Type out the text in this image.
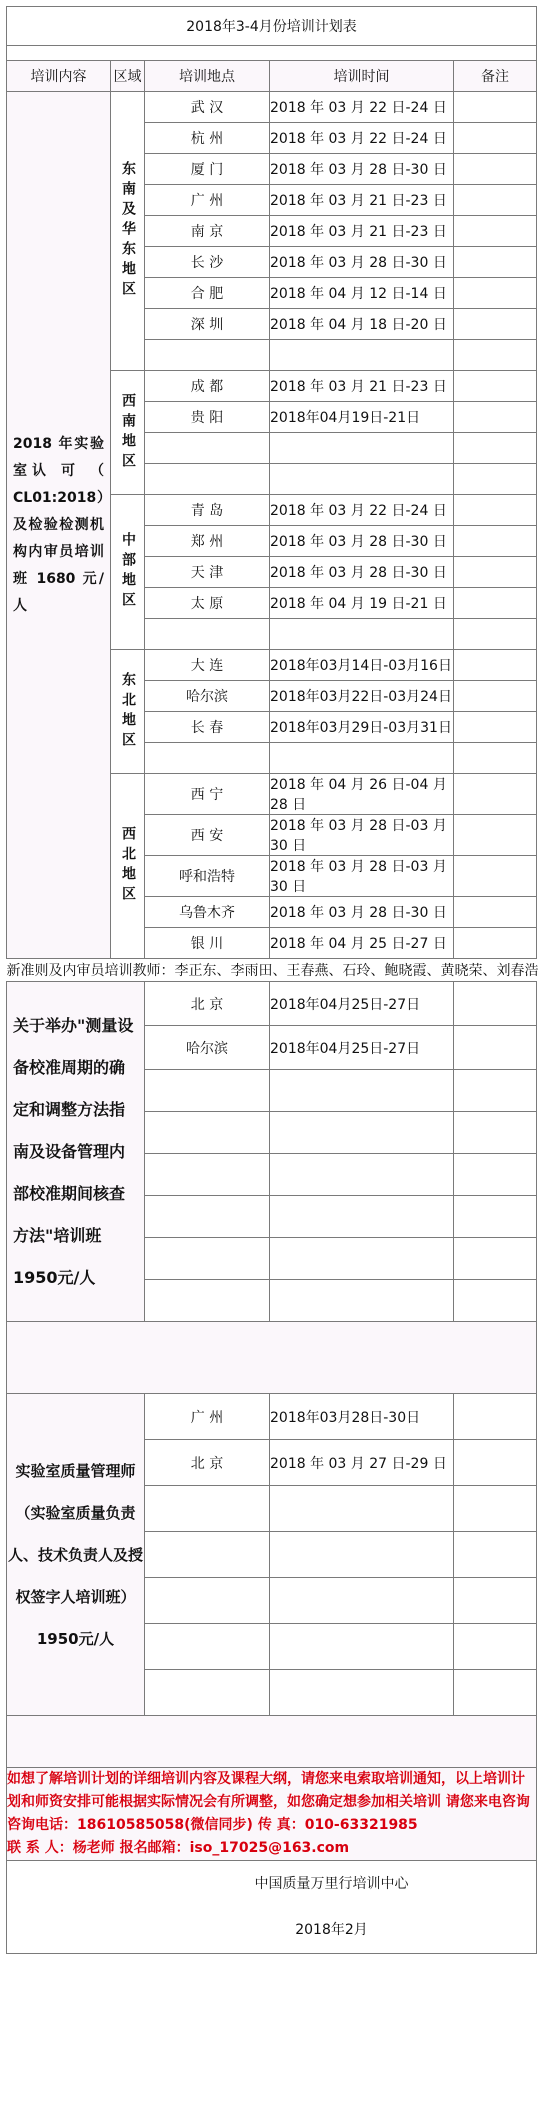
2018年3-4月份培训计划表				

培训内容	区域	培训地点	培训时间	备注

2018 年实验室认 可 （ CL01:2018）及检验检测机构内审员培训班 1680 元/人	东南及华东地区	武 汉	2018 年 03 月 22 日-24 日	
		杭 州	2018 年 03 月 22 日-24 日	
		厦 门	2018 年 03 月 28 日-30 日	
		广 州	2018 年 03 月 21 日-23 日	
		南 京	2018 年 03 月 21 日-23 日	
		长 沙	2018 年 03 月 28 日-30 日	
		合 肥	2018 年 04 月 12 日-14 日	
		深 圳	2018 年 04 月 18 日-20 日	

	西南地区	成 都	2018 年 03 月 21 日-23 日	
		贵 阳	2018年04月19日-21日	

	中部地区	青 岛	2018 年 03 月 22 日-24 日	
		郑 州	2018 年 03 月 28 日-30 日	
		天 津	2018 年 03 月 28 日-30 日	
		太 原	2018 年 04 月 19 日-21 日	

	东北地区	大 连	2018年03月14日-03月16日	
		哈尔滨	2018年03月22日-03月24日	
		长 春	2018年03月29日-03月31日	

	西北地区	西 宁	2018 年 04 月 26 日-04 月 28 日	
		西 安	2018 年 03 月 28 日-03 月 30 日	
		呼和浩特	2018 年 03 月 28 日-03 月 30 日	
		乌鲁木齐	2018 年 03 月 28 日-30 日	
		银 川	2018 年 04 月 25 日-27 日	
新准则及内审员培训教师：李正东、李雨田、王春燕、石玲、鲍晓霞、黄晓荣、刘春浩				

关于举办"测量设备校准周期的确定和调整方法指南及设备管理内部校准期间核查方法"培训班1950元/人		北 京	2018年04月25日-27日	
		哈尔滨	2018年04月25日-27日	

实验室质量管理师
（实验室质量负责
人、技术负责人及授
权签字人培训班）
1950元/人		广 州	2018年03月28日-30日	
		北 京	2018 年 03 月 27 日-29 日	

如想了解培训计划的详细培训内容及课程大纲，请您来电索取培训通知，以上培训计划和师资安排可能根据实际情况会有所调整，如您确定想参加相关培训 请您来电咨询
咨询电话：18610585058(微信同步) 传 真：010-63321985
联 系 人：杨老师 报名邮箱：iso_17025@163.com				

中国质量万里行培训中心
2018年2月				
